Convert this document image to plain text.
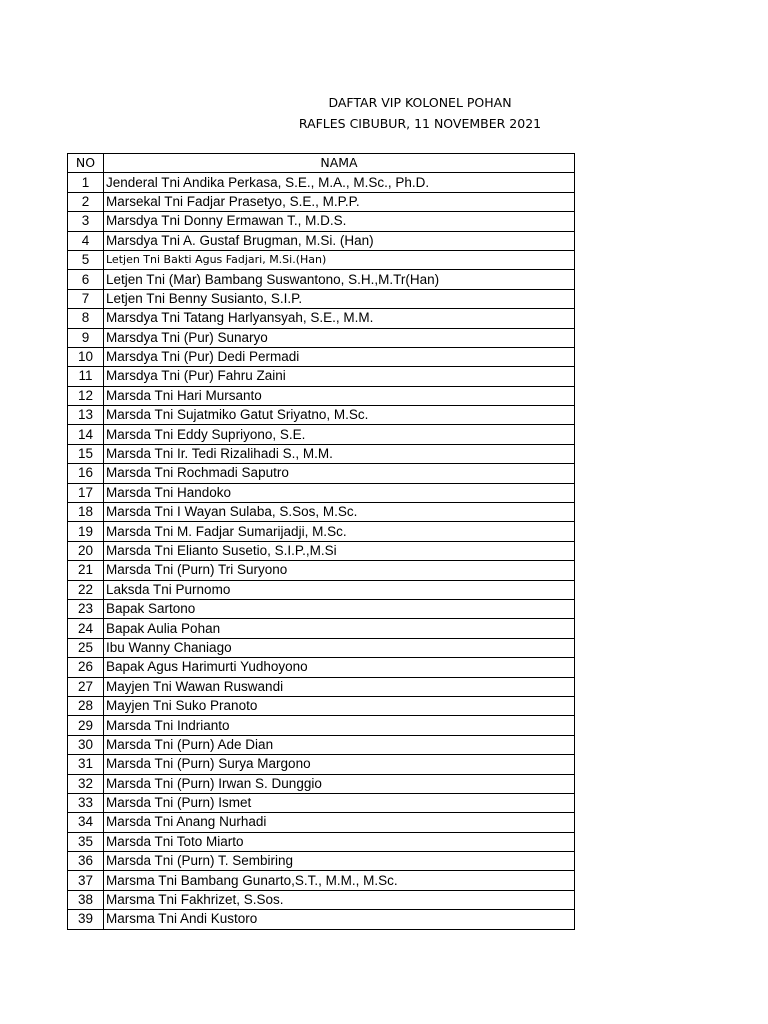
DAFTAR VIP KOLONEL POHAN
RAFLES CIBUBUR, 11 NOVEMBER 2021
NO	NAMA
1	Jenderal Tni Andika Perkasa, S.E., M.A., M.Sc., Ph.D.
2	Marsekal Tni Fadjar Prasetyo, S.E., M.P.P.
3	Marsdya Tni Donny Ermawan T., M.D.S.
4	Marsdya Tni A. Gustaf Brugman, M.Si. (Han)
5	Letjen Tni Bakti Agus Fadjari, M.Si.(Han)
6	Letjen Tni (Mar) Bambang Suswantono, S.H.,M.Tr(Han)
7	Letjen Tni Benny Susianto, S.I.P.
8	Marsdya Tni Tatang Harlyansyah, S.E., M.M.
9	Marsdya Tni (Pur) Sunaryo
10	Marsdya Tni (Pur) Dedi Permadi
11	Marsdya Tni (Pur) Fahru Zaini
12	Marsda Tni Hari Mursanto
13	Marsda Tni Sujatmiko Gatut Sriyatno, M.Sc.
14	Marsda Tni Eddy Supriyono, S.E.
15	Marsda Tni Ir. Tedi Rizalihadi S., M.M.
16	Marsda Tni Rochmadi Saputro
17	Marsda Tni Handoko
18	Marsda Tni I Wayan Sulaba, S.Sos, M.Sc.
19	Marsda Tni M. Fadjar Sumarijadji, M.Sc.
20	Marsda Tni Elianto Susetio, S.I.P.,M.Si
21	Marsda Tni (Purn) Tri Suryono
22	Laksda Tni Purnomo
23	Bapak Sartono
24	Bapak Aulia Pohan
25	Ibu Wanny Chaniago
26	Bapak Agus Harimurti Yudhoyono
27	Mayjen Tni Wawan Ruswandi
28	Mayjen Tni Suko Pranoto
29	Marsda Tni Indrianto
30	Marsda Tni (Purn) Ade Dian
31	Marsda Tni (Purn) Surya Margono
32	Marsda Tni (Purn) Irwan S. Dunggio
33	Marsda Tni (Purn) Ismet
34	Marsda Tni Anang Nurhadi
35	Marsda Tni Toto Miarto
36	Marsda Tni (Purn) T. Sembiring
37	Marsma Tni Bambang Gunarto,S.T., M.M., M.Sc.
38	Marsma Tni Fakhrizet, S.Sos.
39	Marsma Tni Andi Kustoro
